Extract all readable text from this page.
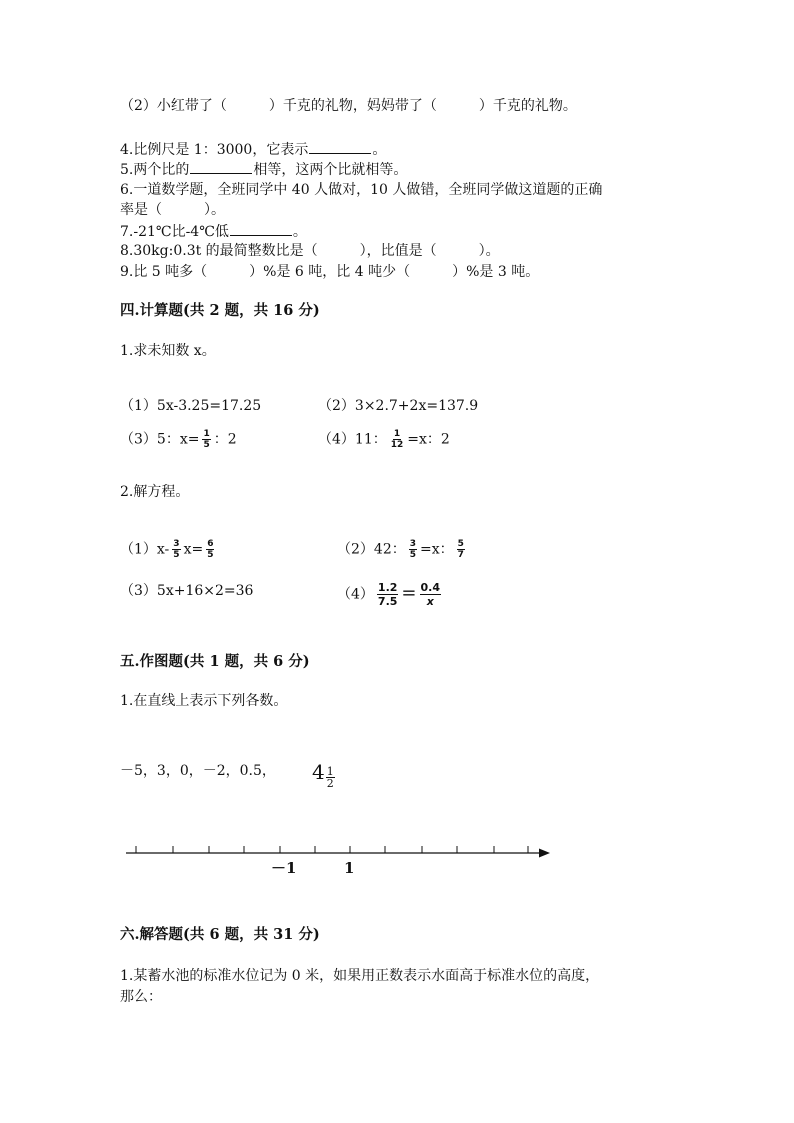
（2）小红带了（　　　）千克的礼物，妈妈带了（　　　）千克的礼物。
4.比例尺是 1：3000，它表示	。
5.两个比的	相等，这两个比就相等。
6.一道数学题，全班同学中 40 人做对，10 人做错，全班同学做这道题的正确
率是（　　　）。
7.-21℃比-4℃低	。
8.30kg:0.3t 的最简整数比是（　　　），比值是（　　　）。
9.比 5 吨多（　　　）%是 6 吨，比 4 吨少（　　　）%是 3 吨。
四.计算题(共 2 题，共 16 分)
1.求未知数 x。
（1）5x-3.25=17.25	（2）3×2.7+2x=137.9
（3）5：$x= \frac{1}{5}$ ：2	（4）11： $\frac{1}{12} =x$：2
2.解方程。
$(1)x- \frac{3}{5} x= \frac{6}{5}$	（2）42： $\frac{3}{5} =x$： $\frac{5}{7}$
（3）5x+16×2=36	$(4) \frac{1.2}{7.5} = \frac{0.4}{x}$
五.作图题(共 1 题，共 6 分)
1.在直线上表示下列各数。
－5，3，0，－2，0.5， $4 \frac{1}{2}$
－1	1
六.解答题(共 6 题，共 31 分)
1.某蓄水池的标准水位记为 0 米，如果用正数表示水面高于标准水位的高度，
那么：
